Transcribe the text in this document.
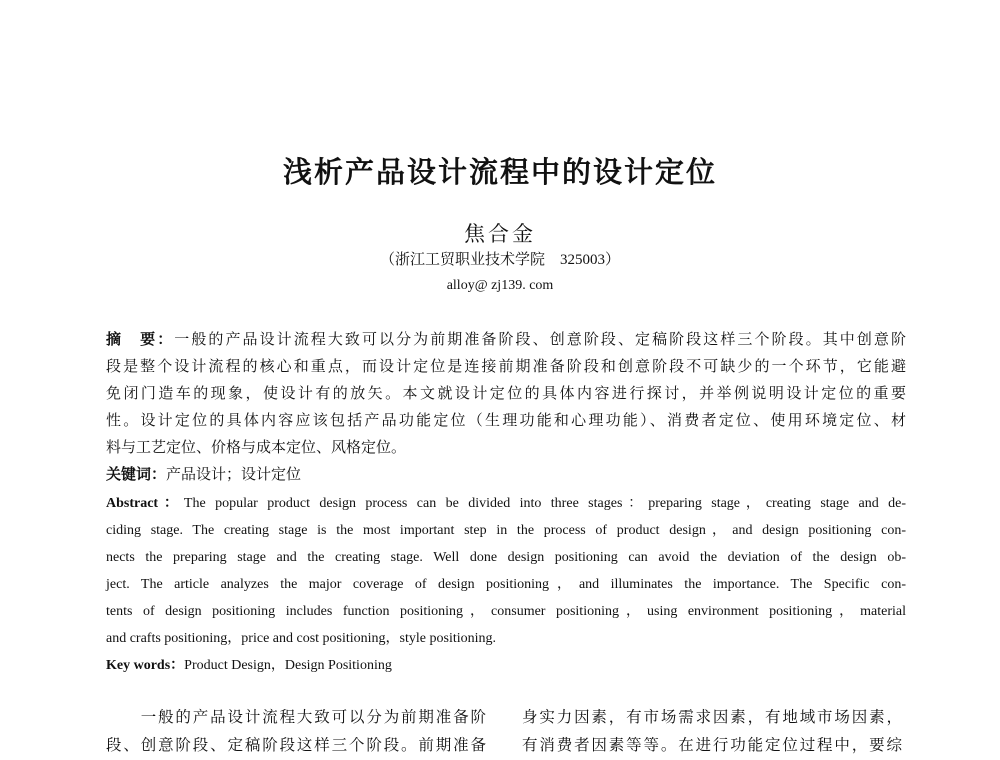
浅析产品设计流程中的设计定位
焦合金
（浙江工贸职业技术学院　325003）
alloy@ zj139. com
摘　要：一般的产品设计流程大致可以分为前期准备阶段、创意阶段、定稿阶段这样三个阶段。其中创意阶
段是整个设计流程的核心和重点，而设计定位是连接前期准备阶段和创意阶段不可缺少的一个环节，它能避
免闭门造车的现象，使设计有的放矢。本文就设计定位的具体内容进行探讨，并举例说明设计定位的重要
性。设计定位的具体内容应该包括产品功能定位（生理功能和心理功能）、消费者定位、使用环境定位、材
料与工艺定位、价格与成本定位、风格定位。
关键词：产品设计；设计定位
Abstract：The popular product design process can be divided into three stages：preparing stage，creating stage and de-
ciding stage. The creating stage is the most important step in the process of product design，and design positioning con-
nects the preparing stage and the creating stage. Well done design positioning can avoid the deviation of the design ob-
ject. The article analyzes the major coverage of design positioning，and illuminates the importance. The Specific con-
tents of design positioning includes function positioning，consumer positioning，using environment positioning，material
and crafts positioning，price and cost positioning，style positioning.
Key words：Product Design，Design Positioning
　　一般的产品设计流程大致可以分为前期准备阶
段、创意阶段、定稿阶段这样三个阶段。前期准备
身实力因素，有市场需求因素，有地域市场因素，
有消费者因素等等。在进行功能定位过程中，要综
